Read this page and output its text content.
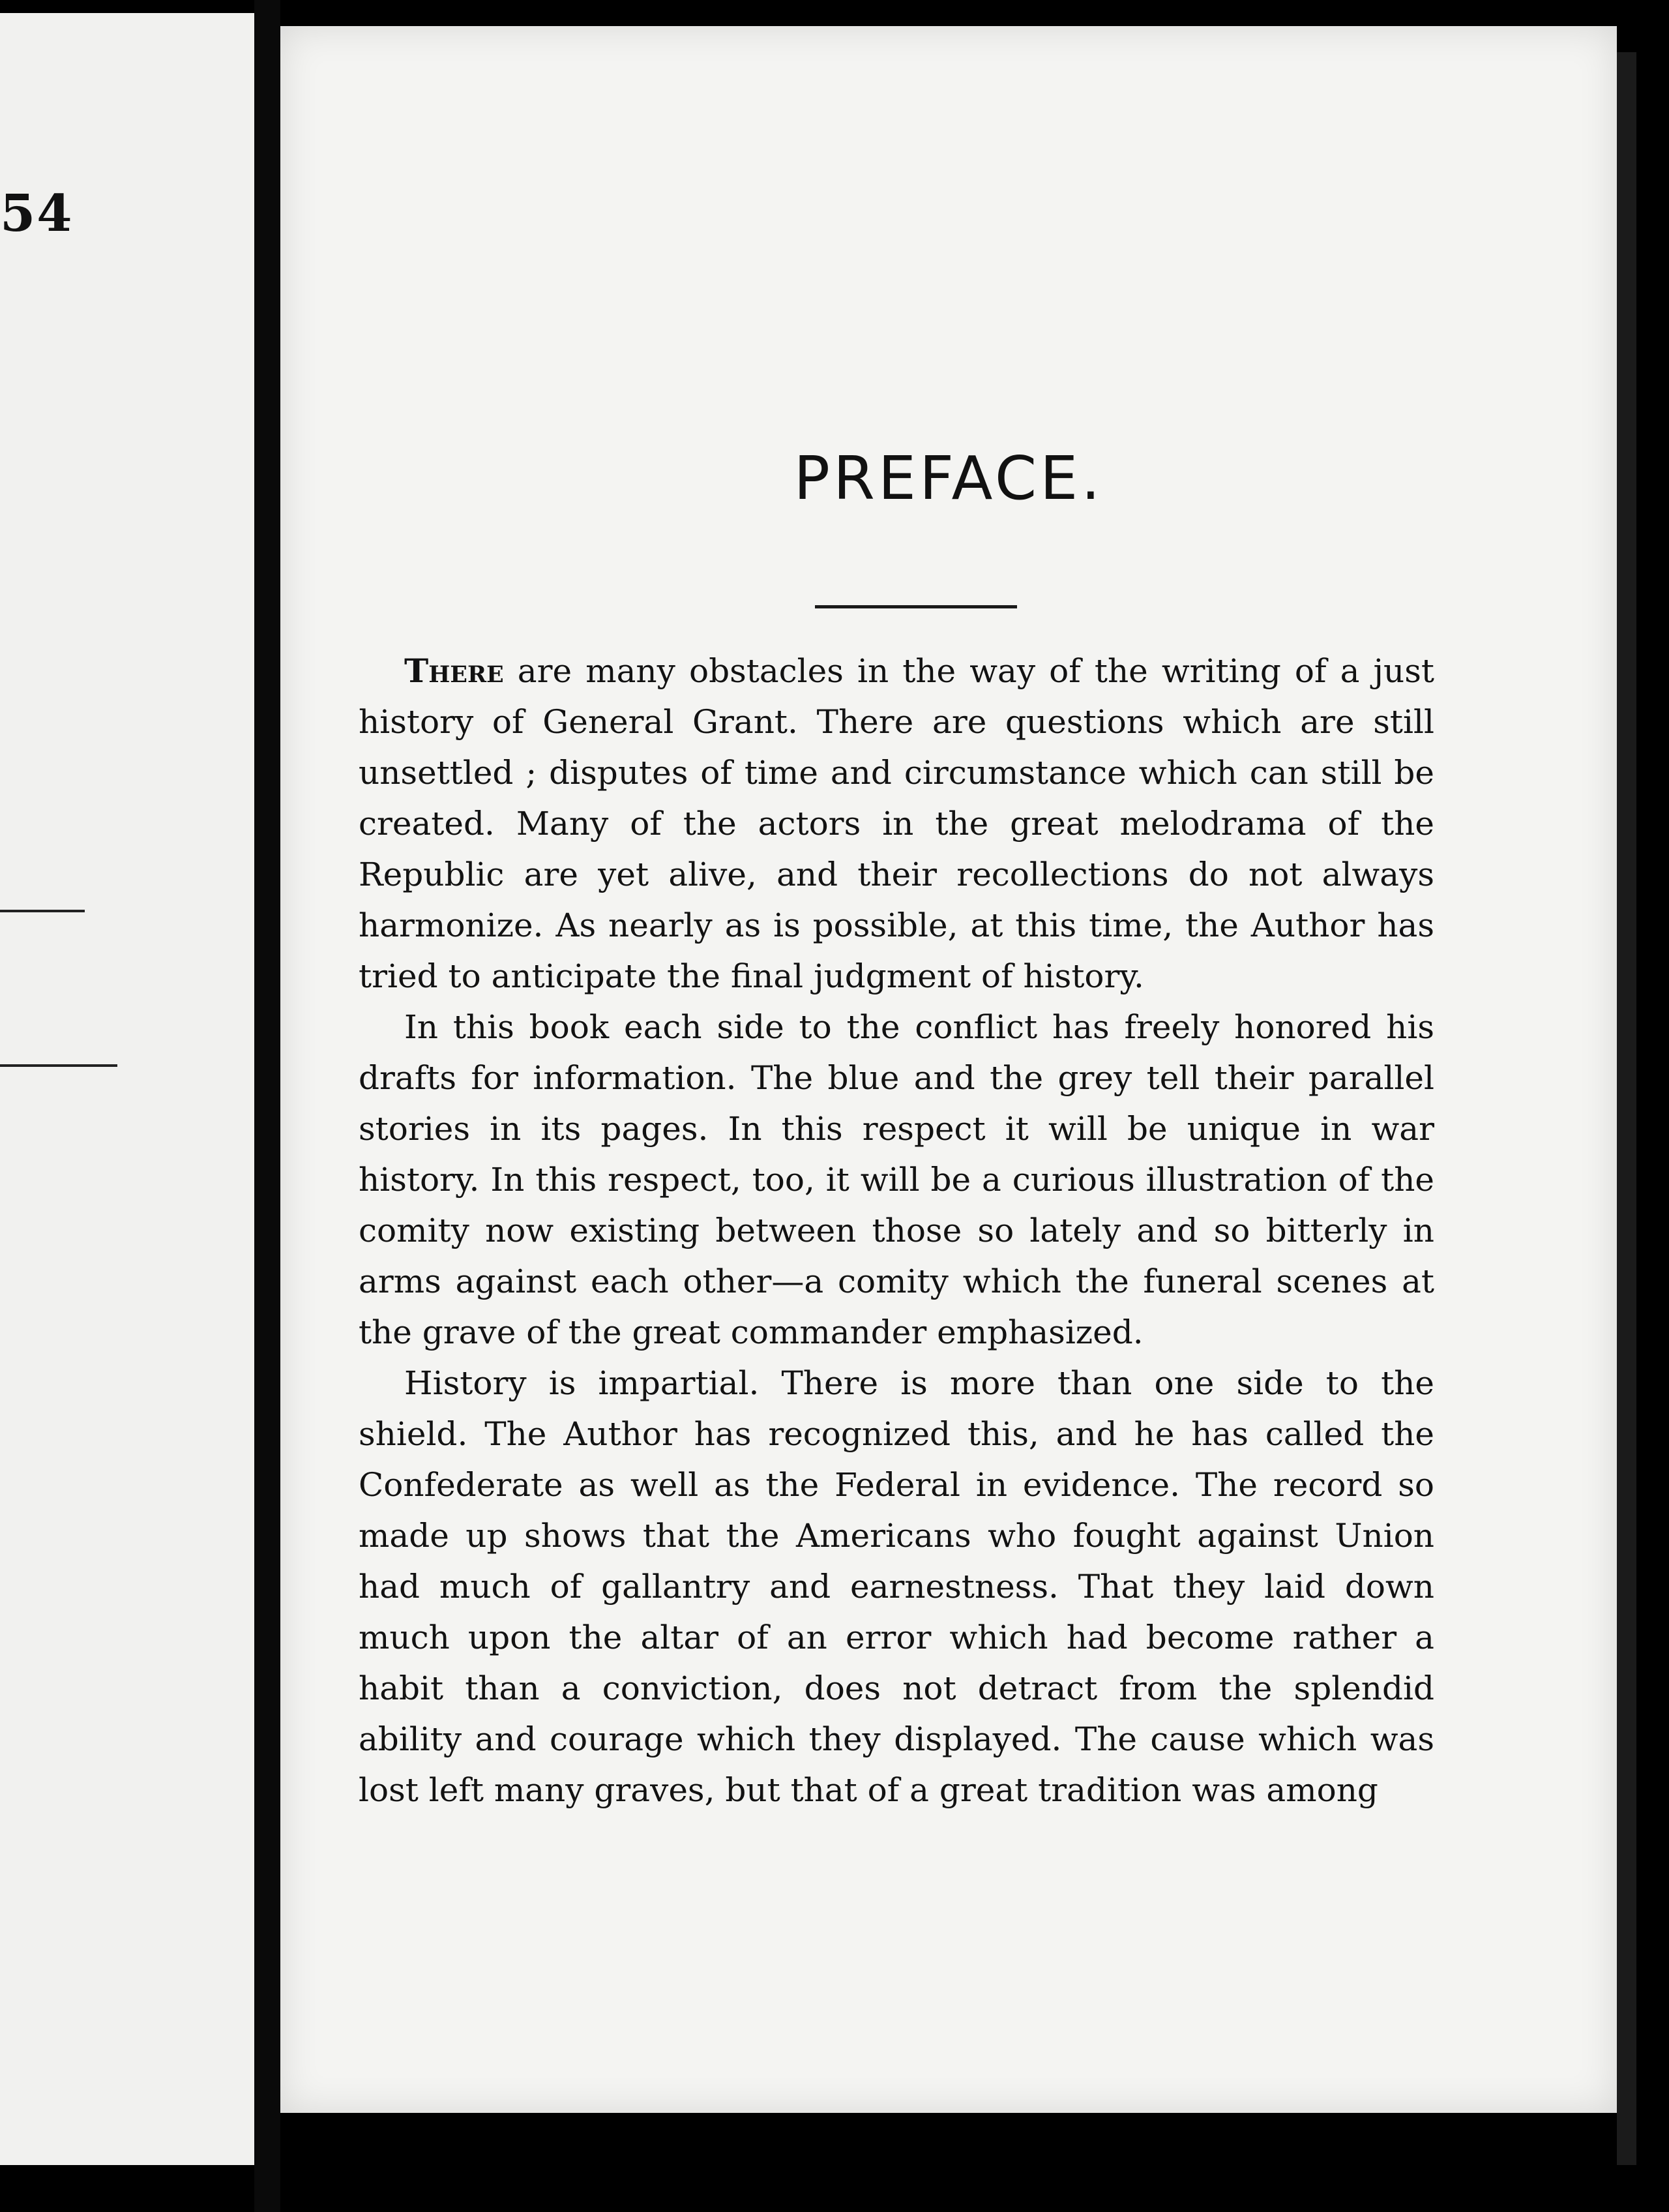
54
PREFACE.

There are many obstacles in the way of the writing of a just history of General Grant. There are questions which are still unsettled ; disputes of time and circumstance which can still be created. Many of the actors in the great melodrama of the Republic are yet alive, and their recollections do not always harmonize. As nearly as is possible, at this time, the Author has tried to anticipate the final judgment of history.

In this book each side to the conflict has freely honored his drafts for information. The blue and the grey tell their parallel stories in its pages. In this respect it will be unique in war history. In this respect, too, it will be a curious illustration of the comity now existing between those so lately and so bitterly in arms against each other—a comity which the funeral scenes at the grave of the great commander emphasized.

History is impartial. There is more than one side to the shield. The Author has recognized this, and he has called the Confederate as well as the Federal in evidence. The record so made up shows that the Americans who fought against Union had much of gallantry and earnestness. That they laid down much upon the altar of an error which had become rather a habit than a conviction, does not detract from the splendid ability and courage which they displayed. The cause which was lost left many graves, but that of a great tradition was among
